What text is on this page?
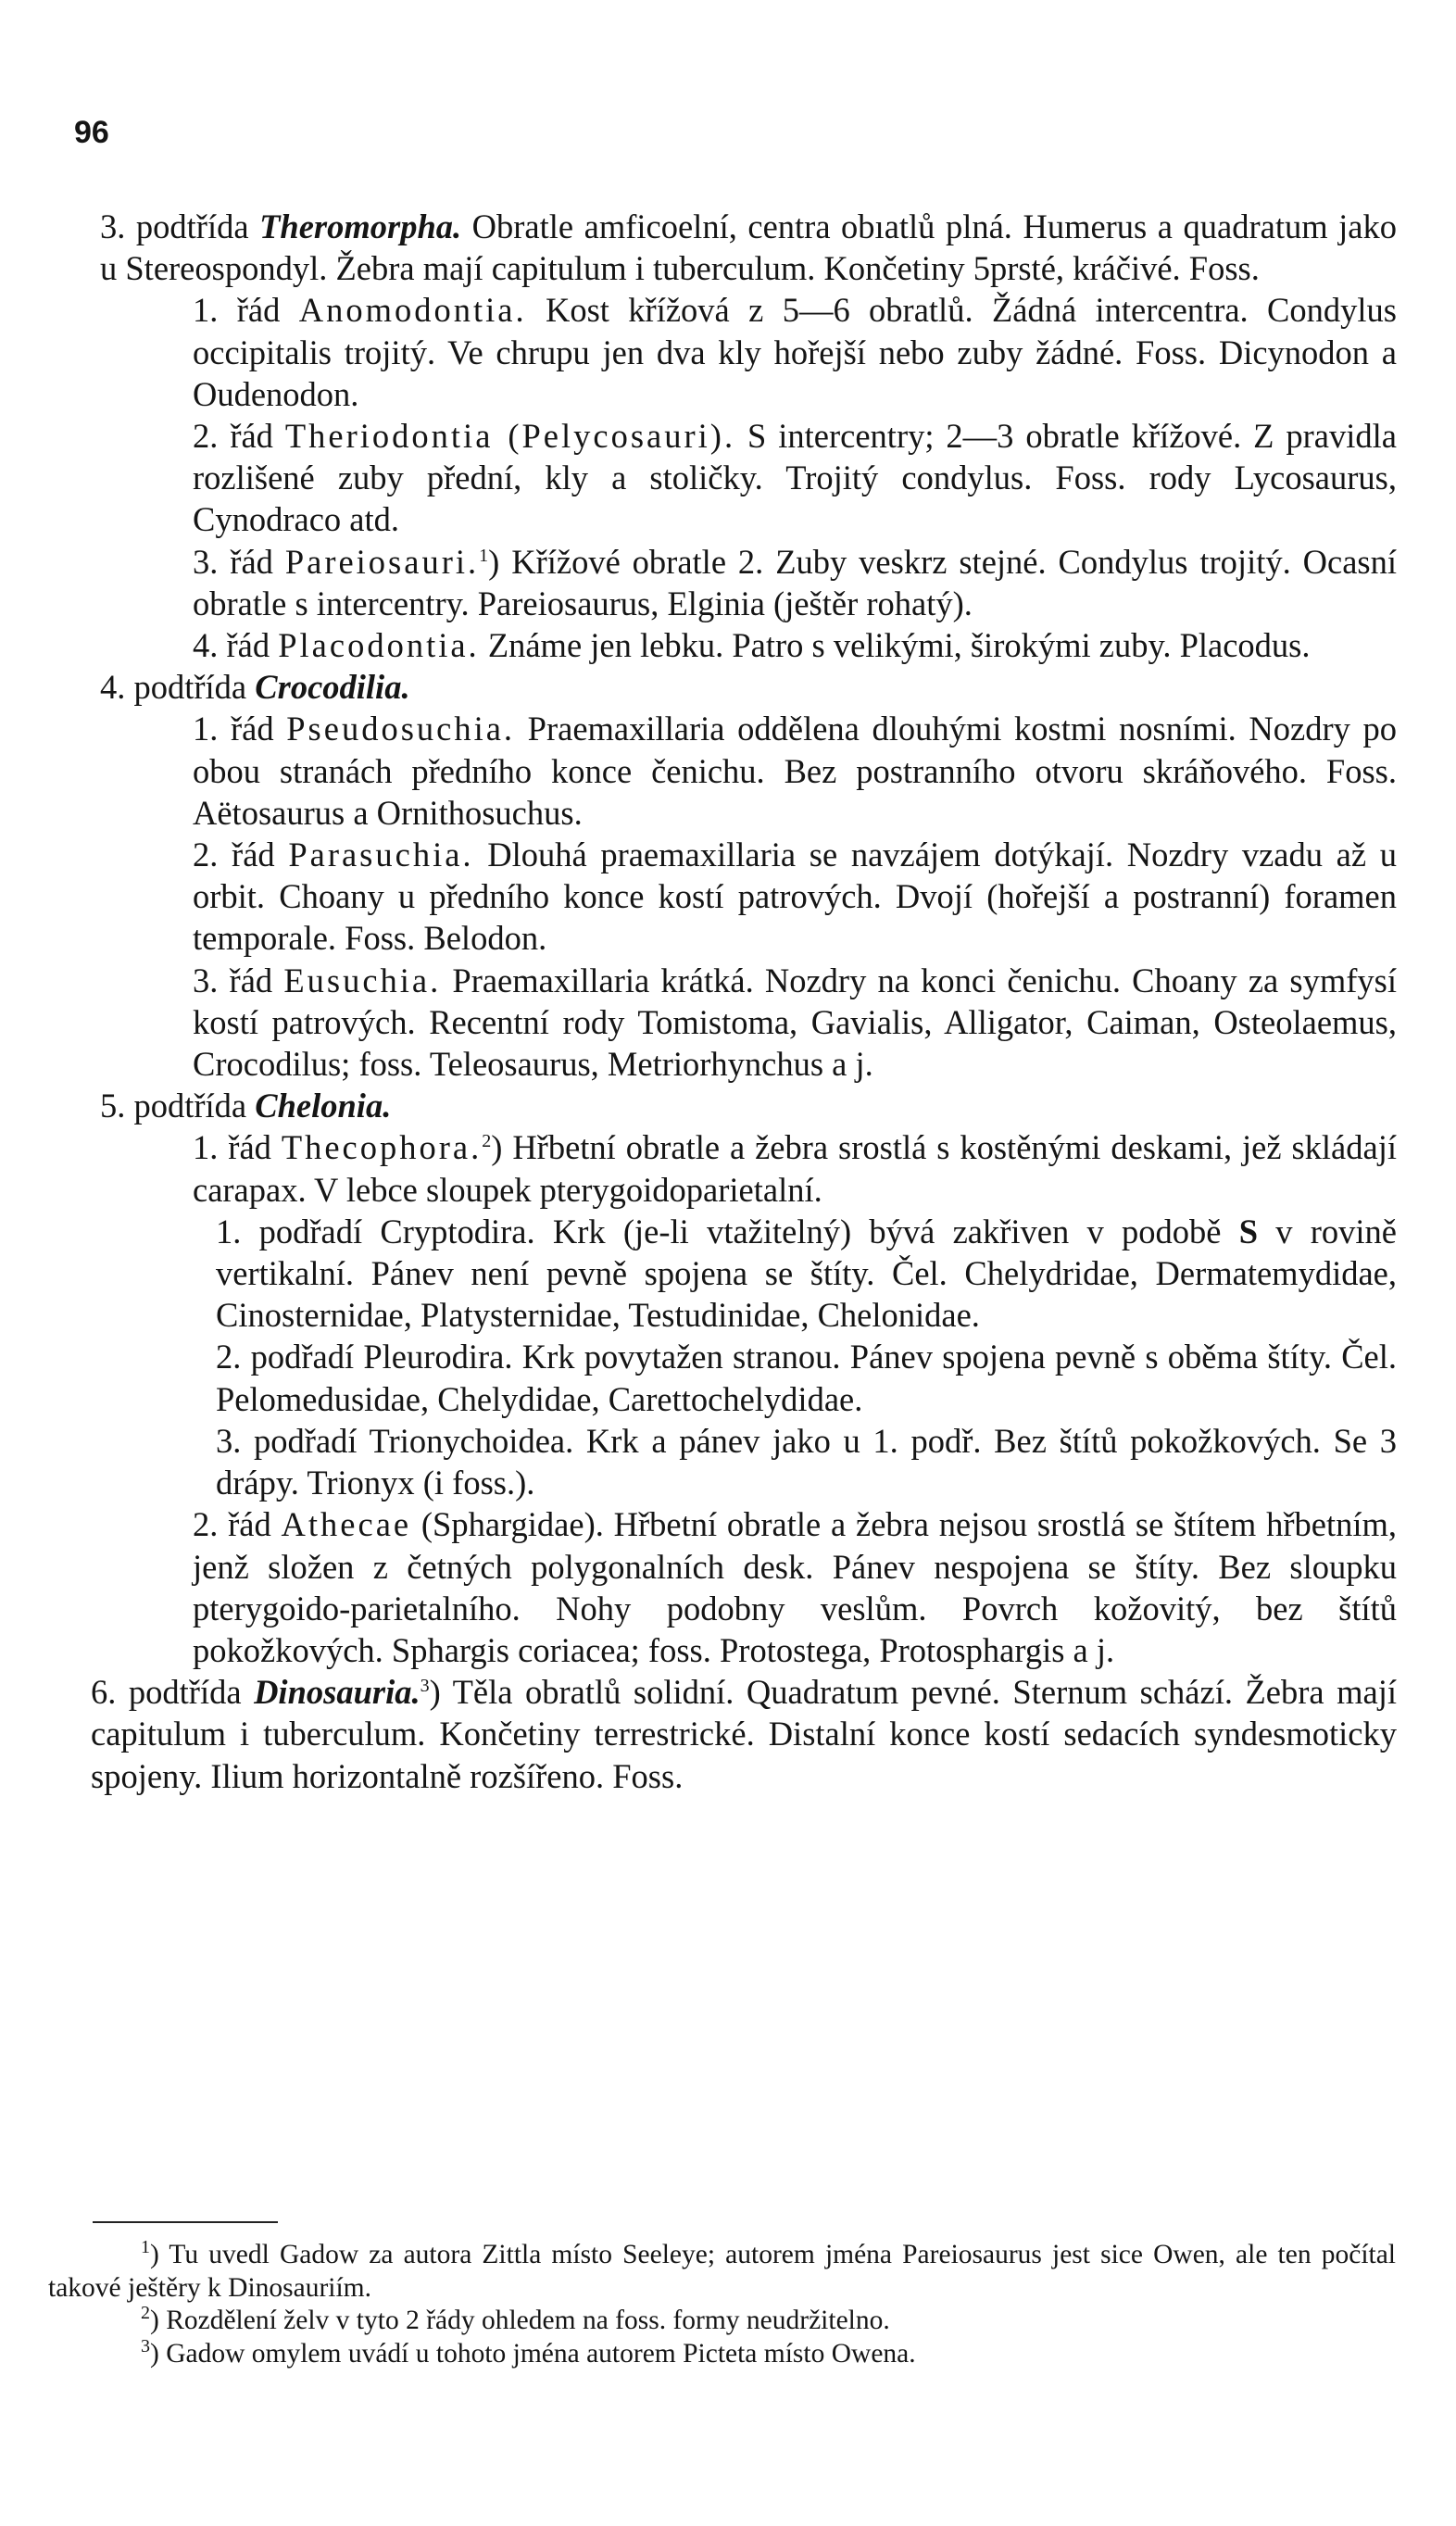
96

3. podtřída Theromorpha. Obratle amficoelní, centra obıatlů plná. Humerus a quadratum jako u Stereospondyl. Žebra mají capitulum i tuberculum. Končetiny 5prsté, kráčivé. Foss.

1. řád Anomodontia. Kost křížová z 5—6 obratlů. Žádná intercentra. Condylus occipitalis trojitý. Ve chrupu jen dva kly hořejší nebo zuby žádné. Foss. Dicynodon a Oudenodon.

2. řád Theriodontia (Pelycosauri). S intercentry; 2—3 obratle křížové. Z pravidla rozlišené zuby přední, kly a stoličky. Trojitý condylus. Foss. rody Lycosaurus, Cynodraco atd.

3. řád Pareiosauri.$^1$) Křížové obratle 2. Zuby veskrz stejné. Condylus trojitý. Ocasní obratle s intercentry. Pareiosaurus, Elginia (ještěr rohatý).

4. řád Placodontia. Známe jen lebku. Patro s velikými, širokými zuby. Placodus.

4. podtřída Crocodilia.

1. řád Pseudosuchia. Praemaxillaria oddělena dlouhými kostmi nosními. Nozdry po obou stranách předního konce čenichu. Bez postranního otvoru skráňového. Foss. Aëtosaurus a Ornithosuchus.

2. řád Parasuchia. Dlouhá praemaxillaria se navzájem dotýkají. Nozdry vzadu až u orbit. Choany u předního konce kostí patrových. Dvojí (hořejší a postranní) foramen temporale. Foss. Belodon.

3. řád Eusuchia. Praemaxillaria krátká. Nozdry na konci čenichu. Choany za symfysí kostí patrových. Recentní rody Tomistoma, Gavialis, Alligator, Caiman, Osteolaemus, Crocodilus; foss. Teleosaurus, Metriorhynchus a j.

5. podtřída Chelonia.

1. řád Thecophora.$^2$) Hřbetní obratle a žebra srostlá s kostěnými deskami, jež skládají carapax. V lebce sloupek pterygoidoparietalní.

1. podřadí Cryptodira. Krk (je-li vtažitelný) bývá zakřiven v podobě S v rovině vertikalní. Pánev není pevně spojena se štíty. Čel. Chelydridae, Dermatemydidae, Cinosternidae, Platysternidae, Testudinidae, Chelonidae.

2. podřadí Pleurodira. Krk povytažen stranou. Pánev spojena pevně s oběma štíty. Čel. Pelomedusidae, Chelydidae, Carettochelydidae.

3. podřadí Trionychoidea. Krk a pánev jako u 1. podř. Bez štítů pokožkových. Se 3 drápy. Trionyx (i foss.).

2. řád Athecae (Sphargidae). Hřbetní obratle a žebra nejsou srostlá se štítem hřbetním, jenž složen z četných polygonalních desk. Pánev nespojena se štíty. Bez sloupku pterygoido-parietalního. Nohy podobny veslům. Povrch kožovitý, bez štítů pokožkových. Sphargis coriacea; foss. Protostega, Protosphargis a j.

6. podtřída Dinosauria.$^3$) Těla obratlů solidní. Quadratum pevné. Sternum schází. Žebra mají capitulum i tuberculum. Končetiny terrestrické. Distalní konce kostí sedacích syndesmoticky spojeny. Ilium horizontalně rozšířeno. Foss.

$^1$) Tu uvedl Gadow za autora Zittla místo Seeleye; autorem jména Pareiosaurus jest sice Owen, ale ten počítal takové ještěry k Dinosauriím.

$^2$) Rozdělení želv v tyto 2 řády ohledem na foss. formy neudržitelno.

$^3$) Gadow omylem uvádí u tohoto jména autorem Picteta místo Owena.
